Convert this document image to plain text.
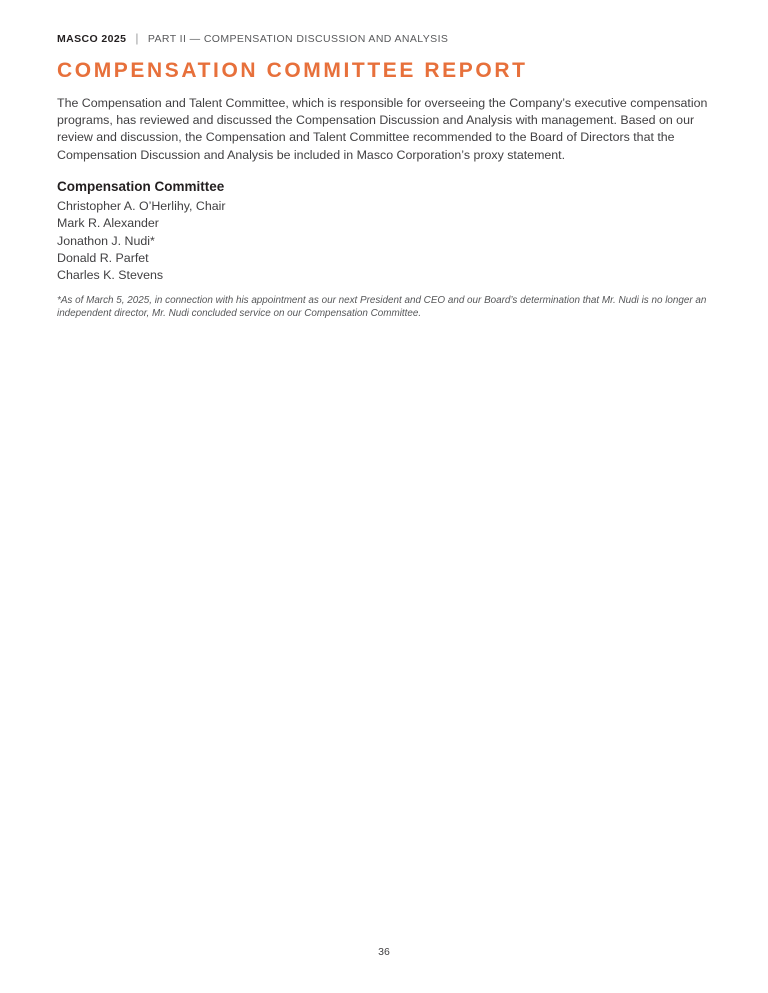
MASCO 2025 | PART II — COMPENSATION DISCUSSION AND ANALYSIS
COMPENSATION COMMITTEE REPORT

The Compensation and Talent Committee, which is responsible for overseeing the Company’s executive compensation programs, has reviewed and discussed the Compensation Discussion and Analysis with management. Based on our review and discussion, the Compensation and Talent Committee recommended to the Board of Directors that the Compensation Discussion and Analysis be included in Masco Corporation’s proxy statement.

Compensation Committee
Christopher A. O’Herlihy, Chair
Mark R. Alexander
Jonathon J. Nudi*
Donald R. Parfet
Charles K. Stevens

*As of March 5, 2025, in connection with his appointment as our next President and CEO and our Board’s determination that Mr. Nudi is no longer an independent director, Mr. Nudi concluded service on our Compensation Committee.

36
